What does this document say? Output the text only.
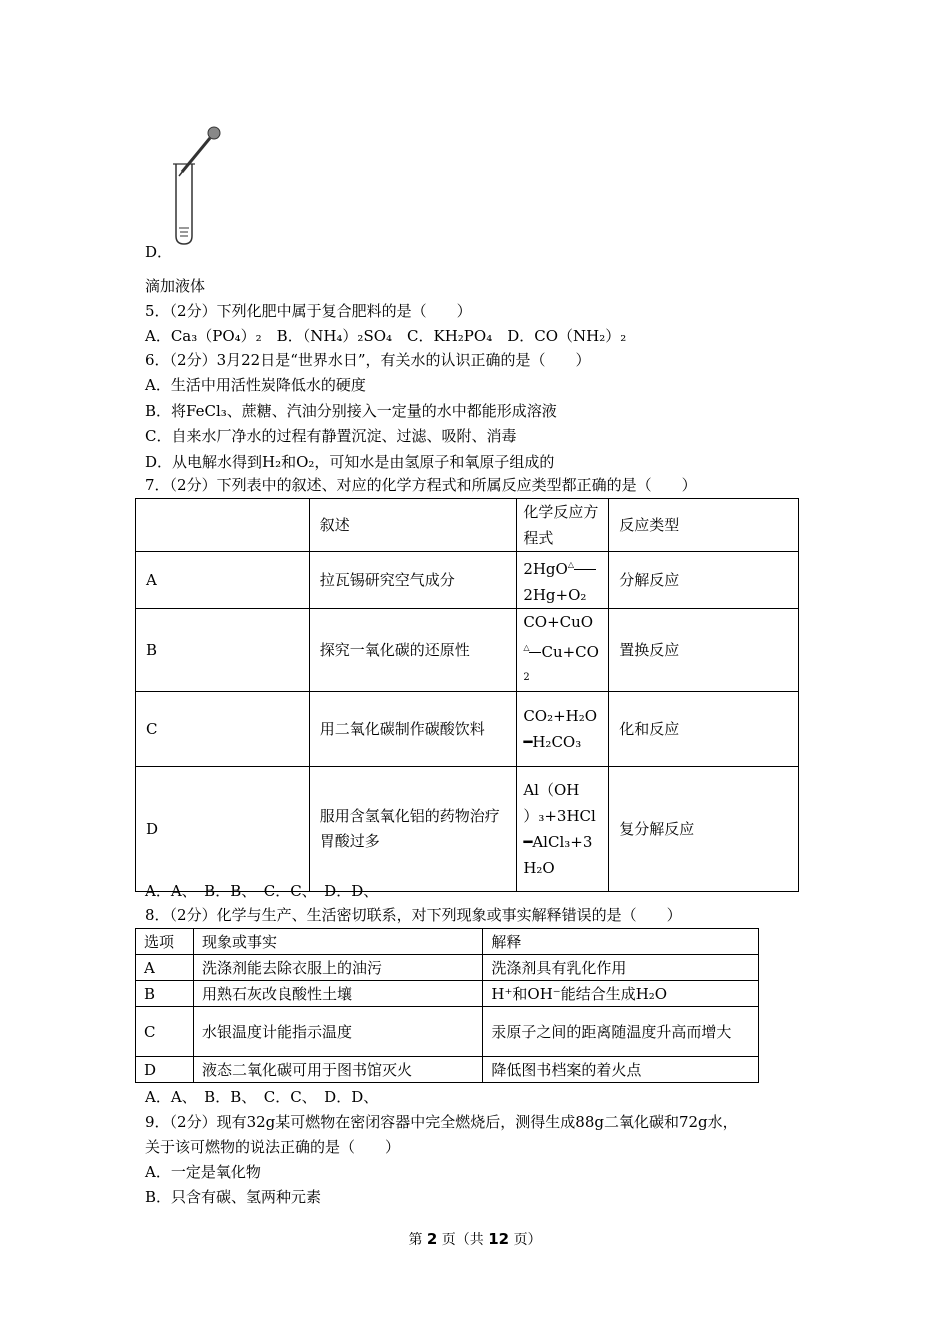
D．
滴加液体
5．（2分）下列化肥中属于复合肥料的是（　　）
A．Ca₃（PO₄）₂　B．（NH₄）₂SO₄　C．KH₂PO₄　D．CO（NH₂）₂
6．（2分）3月22日是“世界水日”，有关水的认识正确的是（　　）
A．生活中用活性炭降低水的硬度
B．将FeCl₃、蔗糖、汽油分别接入一定量的水中都能形成溶液
C．自来水厂净水的过程有静置沉淀、过滤、吸附、消毒
D．从电解水得到H₂和O₂，可知水是由氢原子和氧原子组成的
7．（2分）下列表中的叙述、对应的化学方程式和所属反应类型都正确的是（　　）
	叙述	化学反应方程式	反应类型
A	拉瓦锡研究空气成分	2HgO△
2Hg+O₂	分解反应
B	探究一氧化碳的还原性	CO+CuO
△ Cu+CO
2	置换反应
C	用二氧化碳制作碳酸饮料	CO₂+H₂O
━H₂CO₃	化和反应
D	服用含氢氧化铝的药物治疗胃酸过多	Al（OH
）₃+3HCl
━AlCl₃+3
H₂O	复分解反应
A．A、　B．B、　C．C、　D．D、
8．（2分）化学与生产、生活密切联系，对下列现象或事实解释错误的是（　　）
选项	现象或事实	解释
A	洗涤剂能去除衣服上的油污	洗涤剂具有乳化作用
B	用熟石灰改良酸性土壤	H⁺和OH⁻能结合生成H₂O
C	水银温度计能指示温度	汞原子之间的距离随温度升高而增大
D	液态二氧化碳可用于图书馆灭火	降低图书档案的着火点
A．A、　B．B、　C．C、　D．D、
9．（2分）现有32g某可燃物在密闭容器中完全燃烧后，测得生成88g二氧化碳和72g水，
关于该可燃物的说法正确的是（　　）
A．一定是氧化物
B．只含有碳、氢两种元素
第 2 页（共 12 页）
